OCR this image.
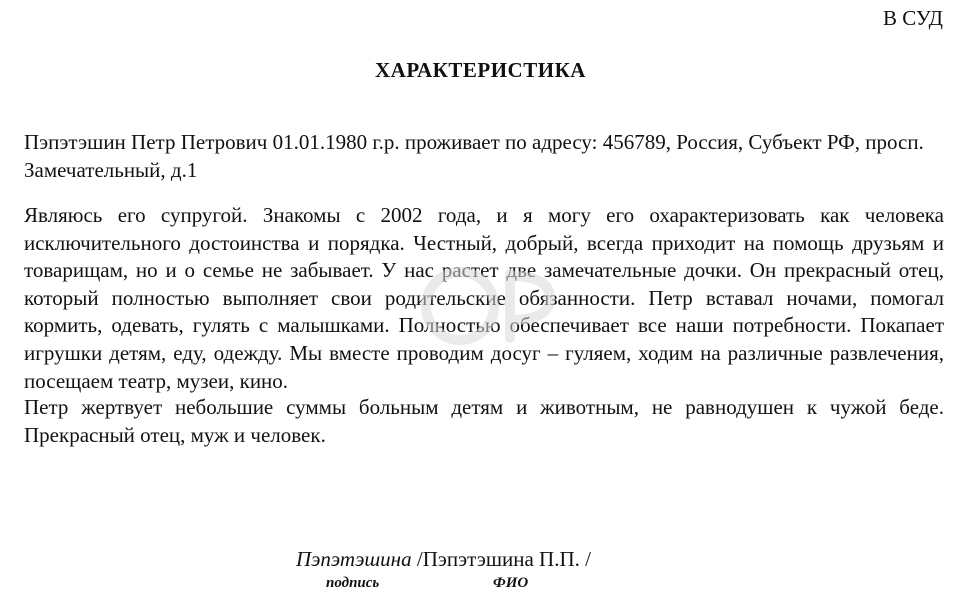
В СУД
ХАРАКТЕРИСТИКА

Пэпэтэшин Петр Петрович 01.01.1980 г.р. проживает по адресу: 456789, Россия, Субъект РФ, просп. Замечательный, д.1

Являюсь его супругой. Знакомы с 2002 года, и я могу его охарактеризовать как человека исключительного достоинства и порядка. Честный, добрый, всегда приходит на помощь друзьям и товарищам, но и о семье не забывает. У нас растет две замечательные дочки. Он прекрасный отец, который полностью выполняет свои родительские обязанности. Петр вставал ночами, помогал кормить, одевать, гулять с малышками. Полностью обеспечивает все наши потребности. Покапает игрушки детям, еду, одежду. Мы вместе проводим досуг – гуляем, ходим на различные развлечения, посещаем театр, музеи, кино.

Петр жертвует небольшие суммы больным детям и животным, не равнодушен к чужой беде. Прекрасный отец, муж и человек.

Пэпэтэшина /Пэпэтэшина П.П. /
подпись	ФИО
